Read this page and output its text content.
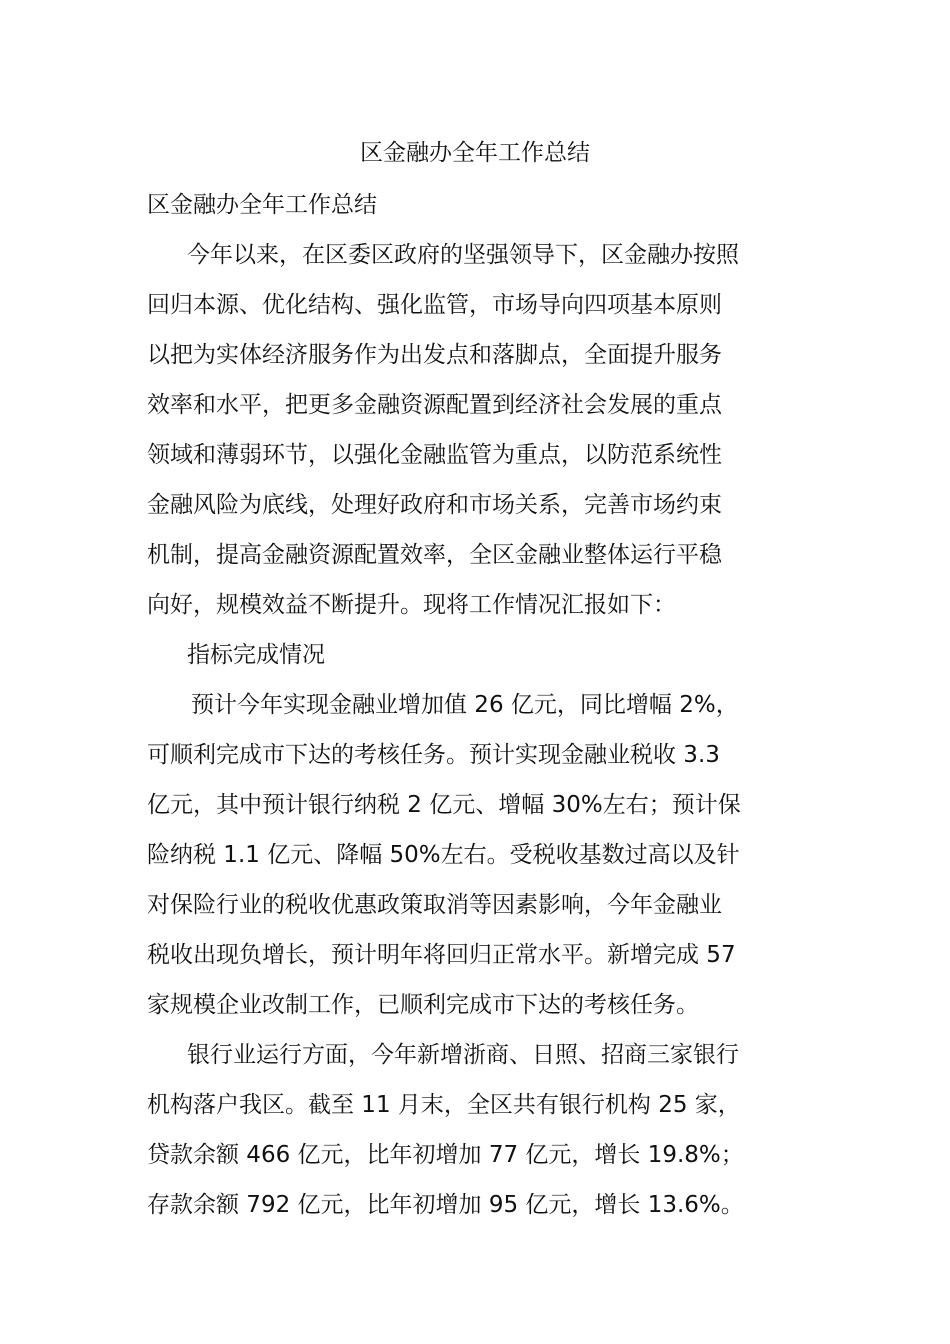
区金融办全年工作总结
区金融办全年工作总结
今年以来，在区委区政府的坚强领导下，区金融办按照
回归本源、优化结构、强化监管，市场导向四项基本原则
以把为实体经济服务作为出发点和落脚点，全面提升服务
效率和水平，把更多金融资源配置到经济社会发展的重点
领域和薄弱环节，以强化金融监管为重点，以防范系统性
金融风险为底线，处理好政府和市场关系，完善市场约束
机制，提高金融资源配置效率，全区金融业整体运行平稳
向好，规模效益不断提升。现将工作情况汇报如下：
指标完成情况
预计今年实现金融业增加值 26 亿元，同比增幅 2%，
可顺利完成市下达的考核任务。预计实现金融业税收 3.3
亿元，其中预计银行纳税 2 亿元、增幅 30%左右；预计保
险纳税 1.1 亿元、降幅 50%左右。受税收基数过高以及针
对保险行业的税收优惠政策取消等因素影响，今年金融业
税收出现负增长，预计明年将回归正常水平。新增完成 57
家规模企业改制工作，已顺利完成市下达的考核任务。
银行业运行方面，今年新增浙商、日照、招商三家银行
机构落户我区。截至 11 月末，全区共有银行机构 25 家，
贷款余额 466 亿元，比年初增加 77 亿元，增长 19.8%；
存款余额 792 亿元，比年初增加 95 亿元，增长 13.6%。
